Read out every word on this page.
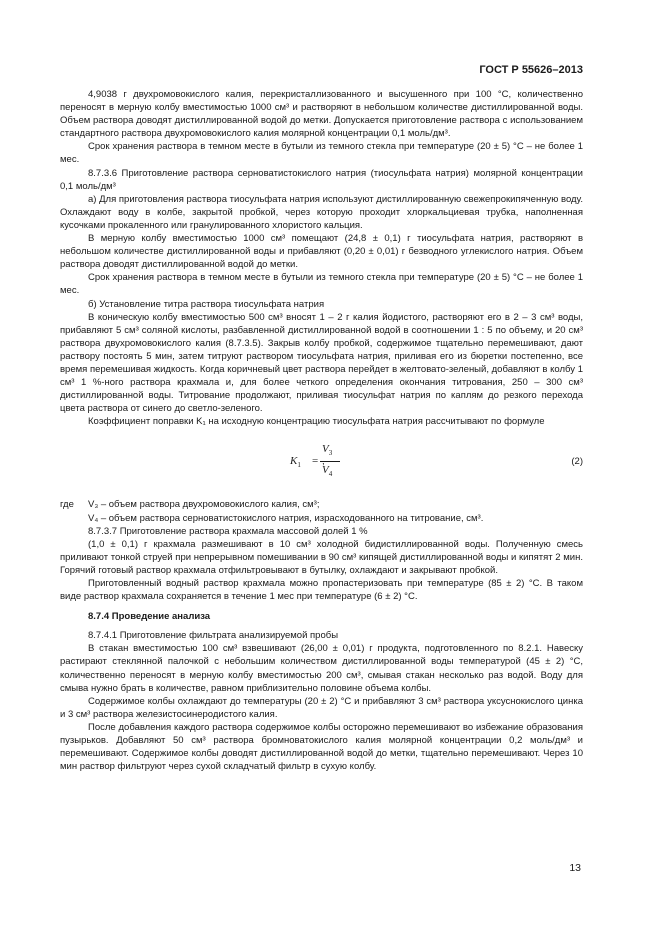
ГОСТ Р 55626–2013

4,9038 г двухромовокислого калия, перекристаллизованного и высушенного при 100 °С, количественно переносят в мерную колбу вместимостью 1000 см³ и растворяют в небольшом количестве дистиллированной воды. Объем раствора доводят дистиллированной водой до метки. Допускается приготовление раствора с использованием стандартного раствора двухромовокислого калия молярной концентрации 0,1 моль/дм³.

Срок хранения раствора в темном месте в бутыли из темного стекла при температуре (20 ± 5) °С – не более 1 мес.

8.7.3.6 Приготовление раствора серноватистокислого натрия (тиосульфата натрия) молярной концентрации 0,1 моль/дм³

а) Для приготовления раствора тиосульфата натрия используют дистиллированную свежепрокипяченную воду. Охлаждают воду в колбе, закрытой пробкой, через которую проходит хлоркальциевая трубка, наполненная кусочками прокаленного или гранулированного хлористого кальция.

В мерную колбу вместимостью 1000 см³ помещают (24,8 ± 0,1) г тиосульфата натрия, растворяют в небольшом количестве дистиллированной воды и прибавляют (0,20 ± 0,01) г безводного углекислого натрия. Объем раствора доводят дистиллированной водой до метки.

Срок хранения раствора в темном месте в бутыли из темного стекла при температуре (20 ± 5) °С – не более 1 мес.

б) Установление титра раствора тиосульфата натрия

В коническую колбу вместимостью 500 см³ вносят 1 – 2 г калия йодистого, растворяют его в 2 – 3 см³ воды, прибавляют 5 см³ соляной кислоты, разбавленной дистиллированной водой в соотношении 1 : 5 по объему, и 20 см³ раствора двухромовокислого калия (8.7.3.5). Закрыв колбу пробкой, содержимое тщательно перемешивают, дают раствору постоять 5 мин, затем титруют раствором тиосульфата натрия, приливая его из бюретки постепенно, все время перемешивая жидкость. Когда коричневый цвет раствора перейдет в желтовато-зеленый, добавляют в колбу 1 см³ 1 %-ного раствора крахмала и, для более четкого определения окончания титрования, 250 – 300 см³ дистиллированной воды. Титрование продолжают, приливая тиосульфат натрия по каплям до резкого перехода цвета раствора от синего до светло-зеленого.

Коэффициент поправки K₁ на исходную концентрацию тиосульфата натрия рассчитывают по формуле

$K_1$ =
$V_3$
$V_4$
,	(2)
где	V₃ – объем раствора двухромовокислого калия, см³;

V₄ – объем раствора серноватистокислого натрия, израсходованного на титрование, см³.

8.7.3.7 Приготовление раствора крахмала массовой долей 1 %

(1,0 ± 0,1) г крахмала размешивают в 10 см³ холодной бидистиллированной воды. Полученную смесь приливают тонкой струей при непрерывном помешивании в 90 см³ кипящей дистиллированной воды и кипятят 2 мин. Горячий готовый раствор крахмала отфильтровывают в бутылку, охлаждают и закрывают пробкой.

Приготовленный водный раствор крахмала можно пропастеризовать при температуре (85 ± 2) °С. В таком виде раствор крахмала сохраняется в течение 1 мес при температуре (6 ± 2) °С.

8.7.4 Проведение анализа

8.7.4.1 Приготовление фильтрата анализируемой пробы

В стакан вместимостью 100 см³ взвешивают (26,00 ± 0,01) г продукта, подготовленного по 8.2.1. Навеску растирают стеклянной палочкой с небольшим количеством дистиллированной воды температурой (45 ± 2) °С, количественно переносят в мерную колбу вместимостью 200 см³, смывая стакан несколько раз водой. Воду для смыва нужно брать в количестве, равном приблизительно половине объема колбы.

Содержимое колбы охлаждают до температуры (20 ± 2) °С и прибавляют 3 см³ раствора уксуснокислого цинка и 3 см³ раствора железистосинеродистого калия.

После добавления каждого раствора содержимое колбы осторожно перемешивают во избежание образования пузырьков. Добавляют 50 см³ раствора бромноватокислого калия молярной концентрации 0,2 моль/дм³ и перемешивают. Содержимое колбы доводят дистиллированной водой до метки, тщательно перемешивают. Через 10 мин раствор фильтруют через сухой складчатый фильтр в сухую колбу.

13
